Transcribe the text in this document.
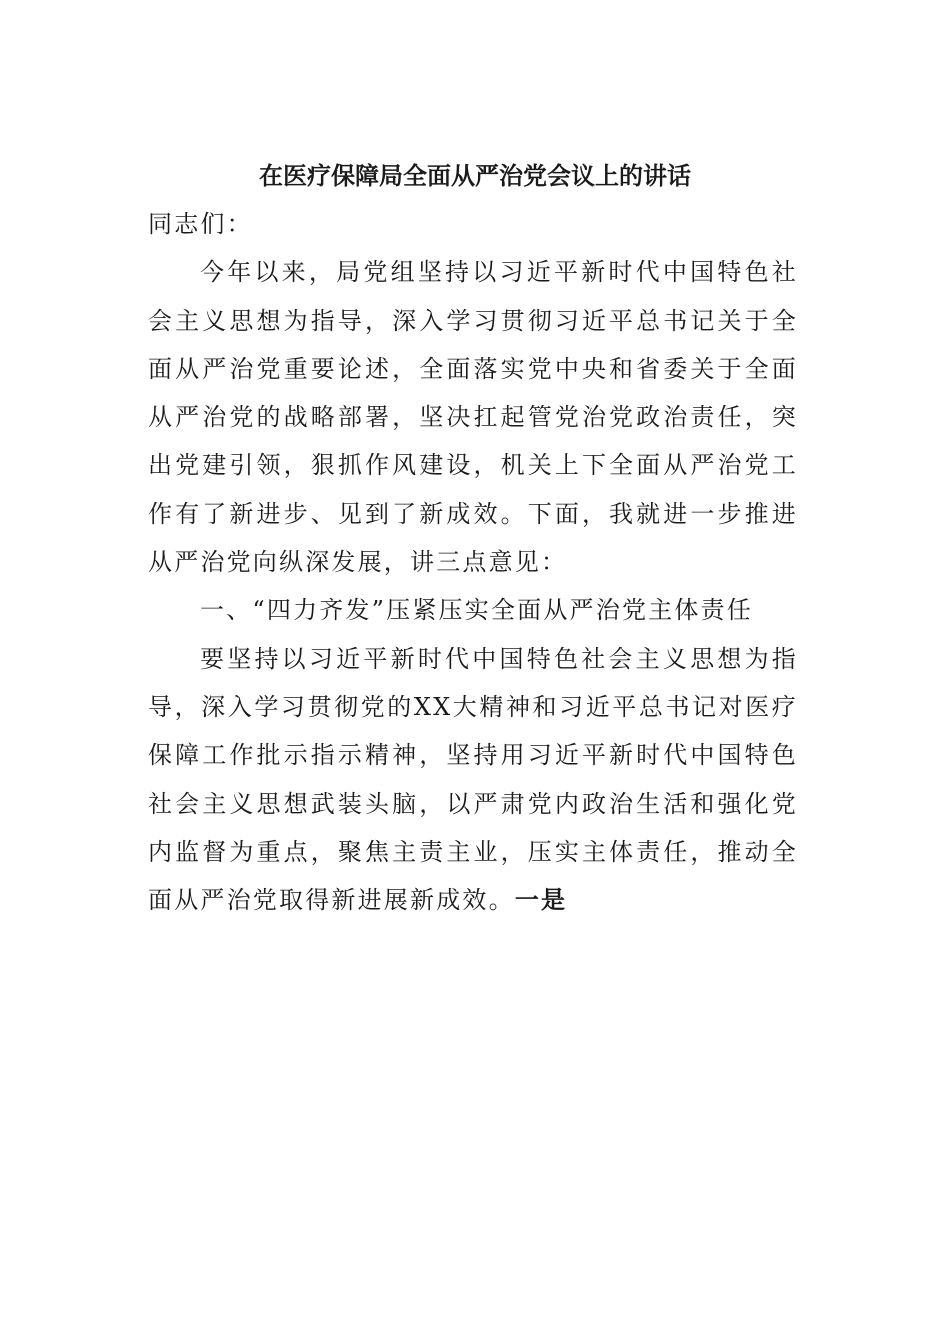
在医疗保障局全面从严治党会议上的讲话

同志们：

今年以来，局党组坚持以习近平新时代中国特色社会主义思想为指导，深入学习贯彻习近平总书记关于全面从严治党重要论述，全面落实党中央和省委关于全面从严治党的战略部署，坚决扛起管党治党政治责任，突出党建引领，狠抓作风建设，机关上下全面从严治党工作有了新进步、见到了新成效。下面，我就进一步推进从严治党向纵深发展，讲三点意见：

一、“四力齐发”压紧压实全面从严治党主体责任

要坚持以习近平新时代中国特色社会主义思想为指导，深入学习贯彻党的XX大精神和习近平总书记对医疗保障工作批示指示精神，坚持用习近平新时代中国特色社会主义思想武装头脑，以严肃党内政治生活和强化党内监督为重点，聚焦主责主业，压实主体责任，推动全面从严治党取得新进展新成效。一是
